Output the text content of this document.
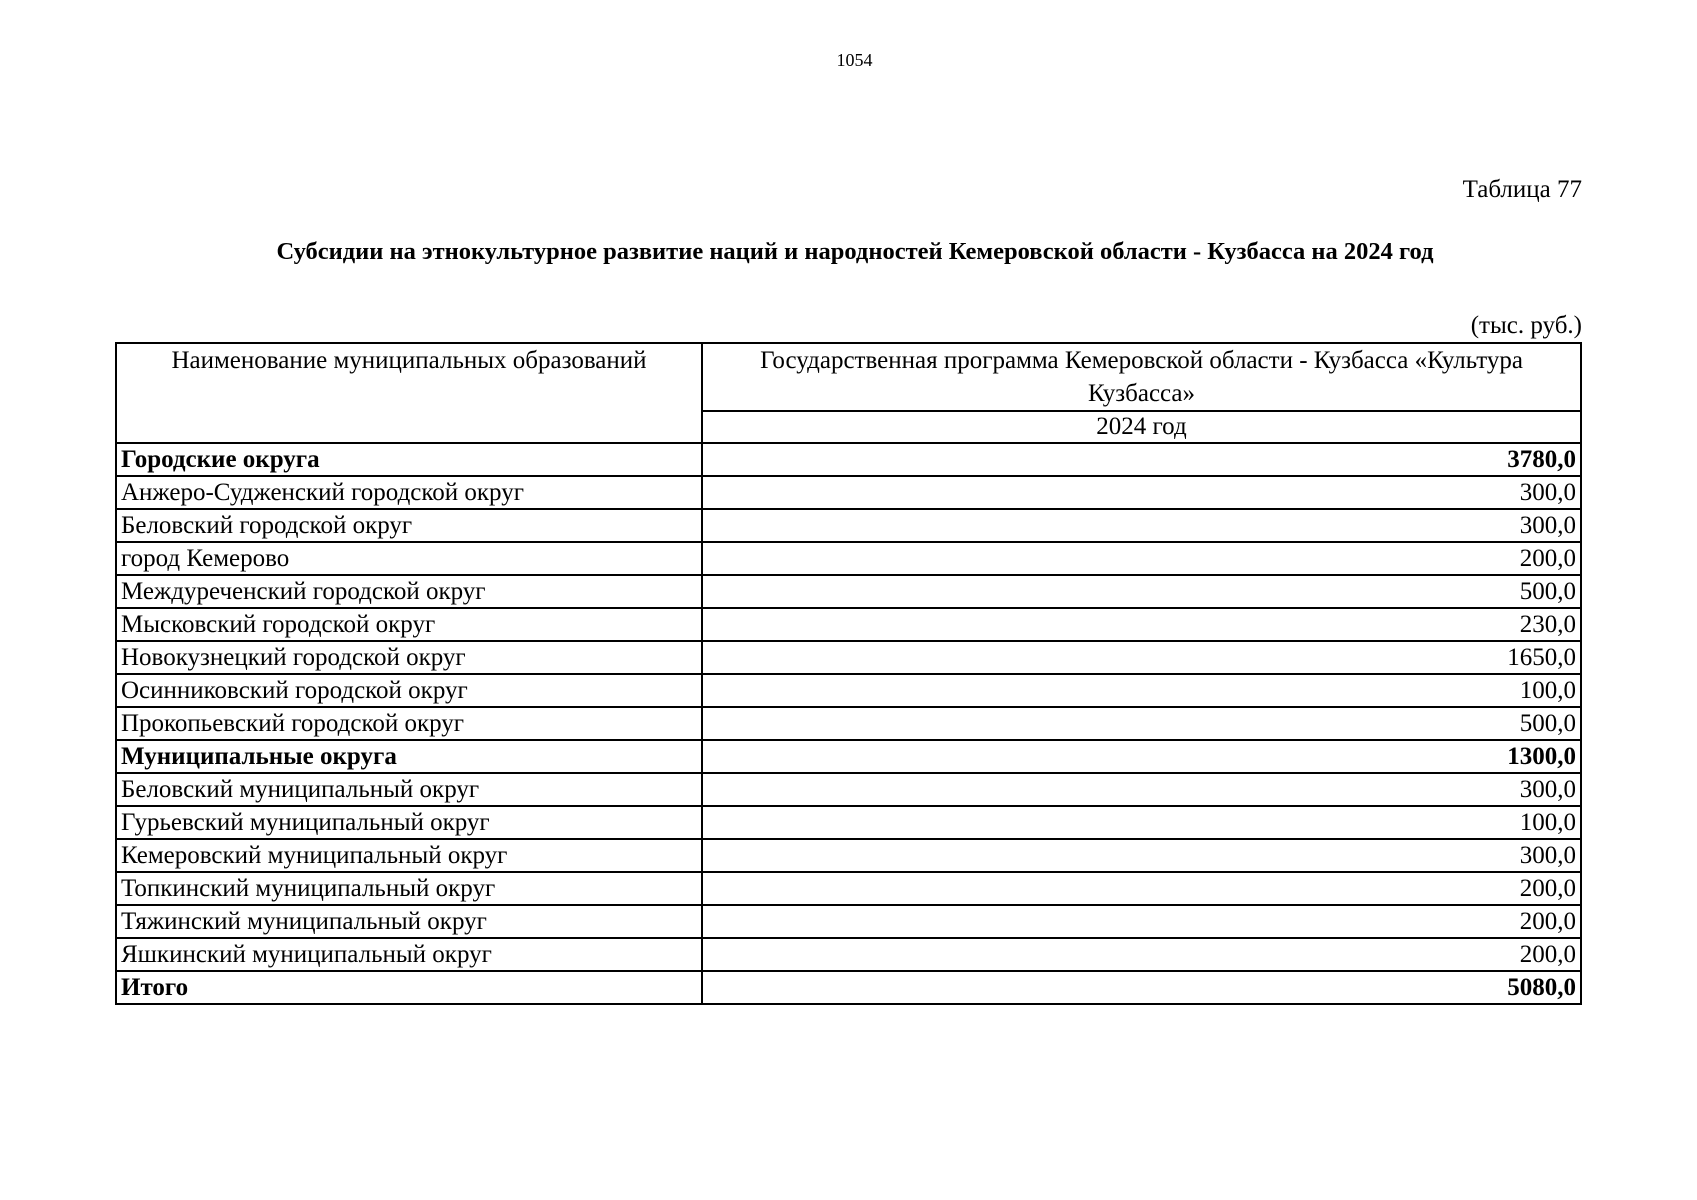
1054
Таблица 77
Субсидии на этнокультурное развитие наций и народностей Кемеровской области - Кузбасса на 2024 год
(тыс. руб.)
Наименование муниципальных образований	Государственная программа Кемеровской области - Кузбасса «Культура Кузбасса»
	2024 год
Городские округа	3780,0
Анжеро-Судженский городской округ	300,0
Беловский городской округ	300,0
город Кемерово	200,0
Междуреченский городской округ	500,0
Мысковский городской округ	230,0
Новокузнецкий городской округ	1650,0
Осинниковский городской округ	100,0
Прокопьевский городской округ	500,0
Муниципальные округа	1300,0
Беловский муниципальный округ	300,0
Гурьевский муниципальный округ	100,0
Кемеровский муниципальный округ	300,0
Топкинский муниципальный округ	200,0
Тяжинский муниципальный округ	200,0
Яшкинский муниципальный округ	200,0
Итого	5080,0
